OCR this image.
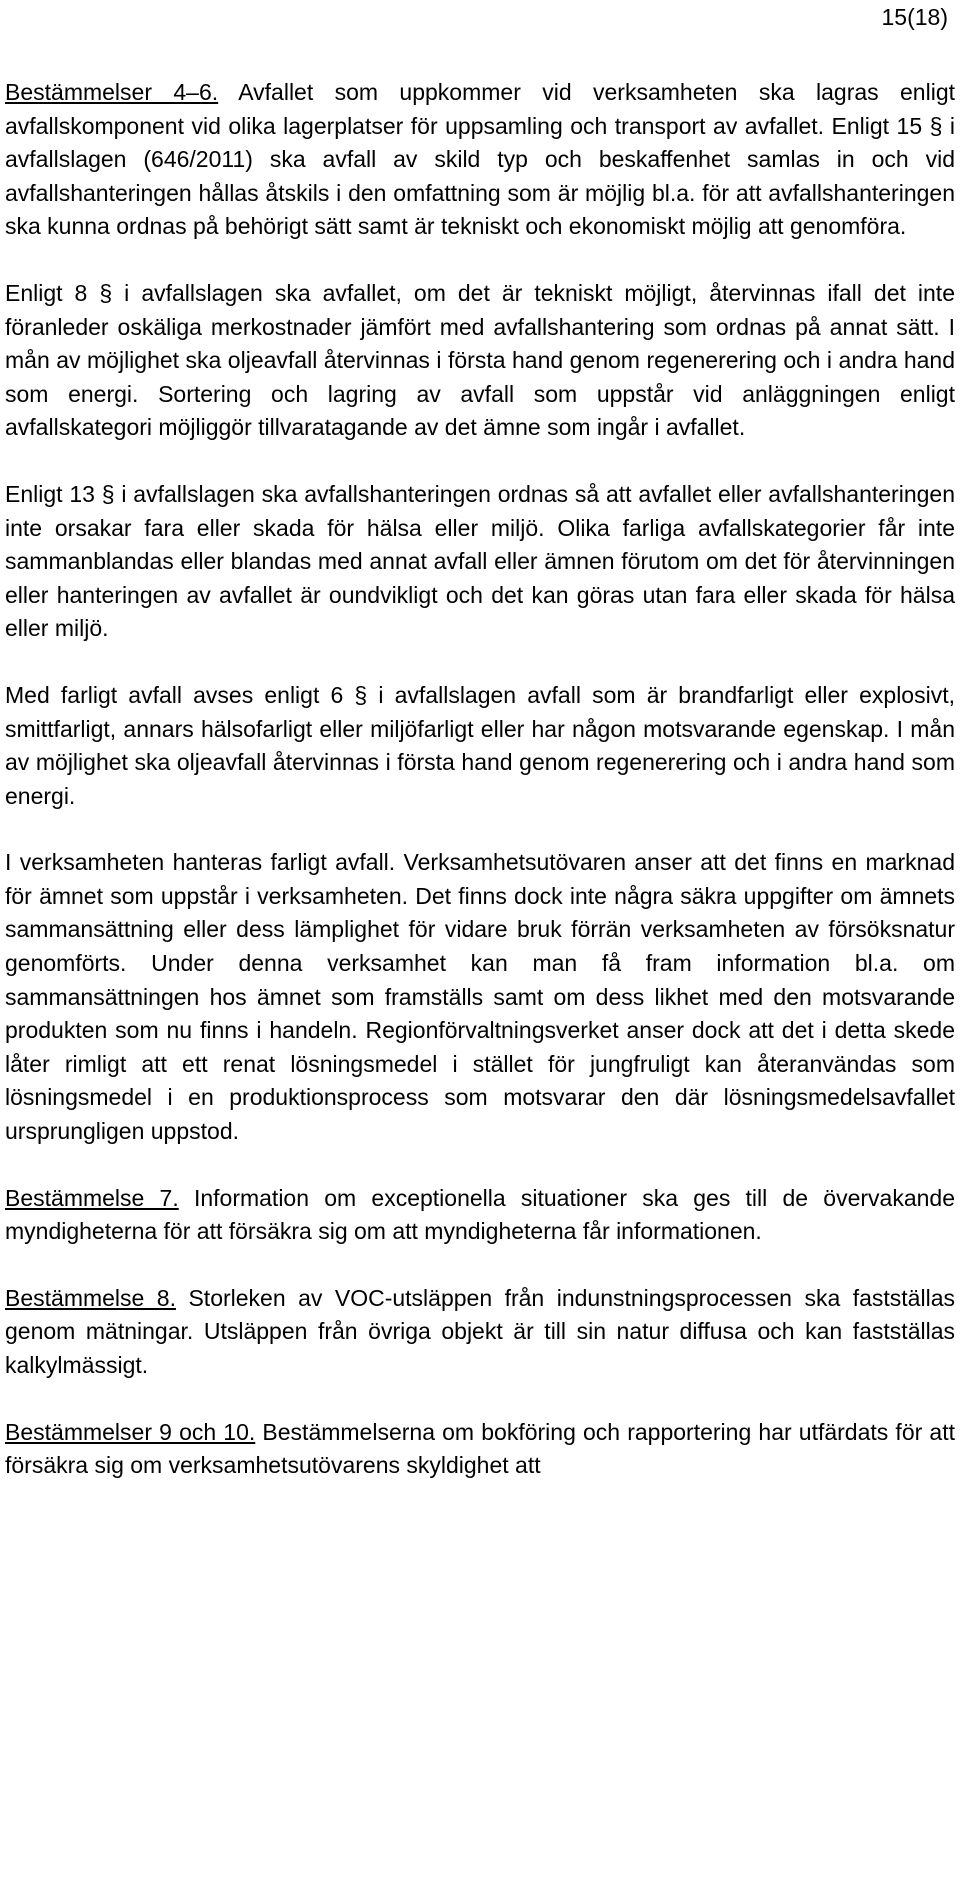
15(18)

Bestämmelser 4–6. Avfallet som uppkommer vid verksamheten ska lagras enligt avfallskomponent vid olika lagerplatser för uppsamling och transport av avfallet. Enligt 15 § i avfallslagen (646/2011) ska avfall av skild typ och beskaffenhet samlas in och vid avfallshanteringen hållas åtskils i den omfattning som är möjlig bl.a. för att avfallshanteringen ska kunna ordnas på behörigt sätt samt är tekniskt och ekonomiskt möjlig att genomföra.

Enligt 8 § i avfallslagen ska avfallet, om det är tekniskt möjligt, återvinnas ifall det inte föranleder oskäliga merkostnader jämfört med avfallshantering som ordnas på annat sätt. I mån av möjlighet ska oljeavfall återvinnas i första hand genom regenerering och i andra hand som energi. Sortering och lagring av avfall som uppstår vid anläggningen enligt avfallskategori möjliggör tillvaratagande av det ämne som ingår i avfallet.

Enligt 13 § i avfallslagen ska avfallshanteringen ordnas så att avfallet eller avfallshanteringen inte orsakar fara eller skada för hälsa eller miljö. Olika farliga avfallskategorier får inte sammanblandas eller blandas med annat avfall eller ämnen förutom om det för återvinningen eller hanteringen av avfallet är oundvikligt och det kan göras utan fara eller skada för hälsa eller miljö.

Med farligt avfall avses enligt 6 § i avfallslagen avfall som är brandfarligt eller explosivt, smittfarligt, annars hälsofarligt eller miljöfarligt eller har någon motsvarande egenskap. I mån av möjlighet ska oljeavfall återvinnas i första hand genom regenerering och i andra hand som energi.

I verksamheten hanteras farligt avfall. Verksamhetsutövaren anser att det finns en marknad för ämnet som uppstår i verksamheten. Det finns dock inte några säkra uppgifter om ämnets sammansättning eller dess lämplighet för vidare bruk förrän verksamheten av försöksnatur genomförts. Under denna verksamhet kan man få fram information bl.a. om sammansättningen hos ämnet som framställs samt om dess likhet med den motsvarande produkten som nu finns i handeln. Regionförvaltningsverket anser dock att det i detta skede låter rimligt att ett renat lösningsmedel i stället för jungfruligt kan återanvändas som lösningsmedel i en produktionsprocess som motsvarar den där lösningsmedelsavfallet ursprungligen uppstod.

Bestämmelse 7. Information om exceptionella situationer ska ges till de övervakande myndigheterna för att försäkra sig om att myndigheterna får informationen.

Bestämmelse 8. Storleken av VOC-utsläppen från indunstningsprocessen ska fastställas genom mätningar. Utsläppen från övriga objekt är till sin natur diffusa och kan fastställas kalkylmässigt.

Bestämmelser 9 och 10. Bestämmelserna om bokföring och rapportering har utfärdats för att försäkra sig om verksamhetsutövarens skyldighet att
